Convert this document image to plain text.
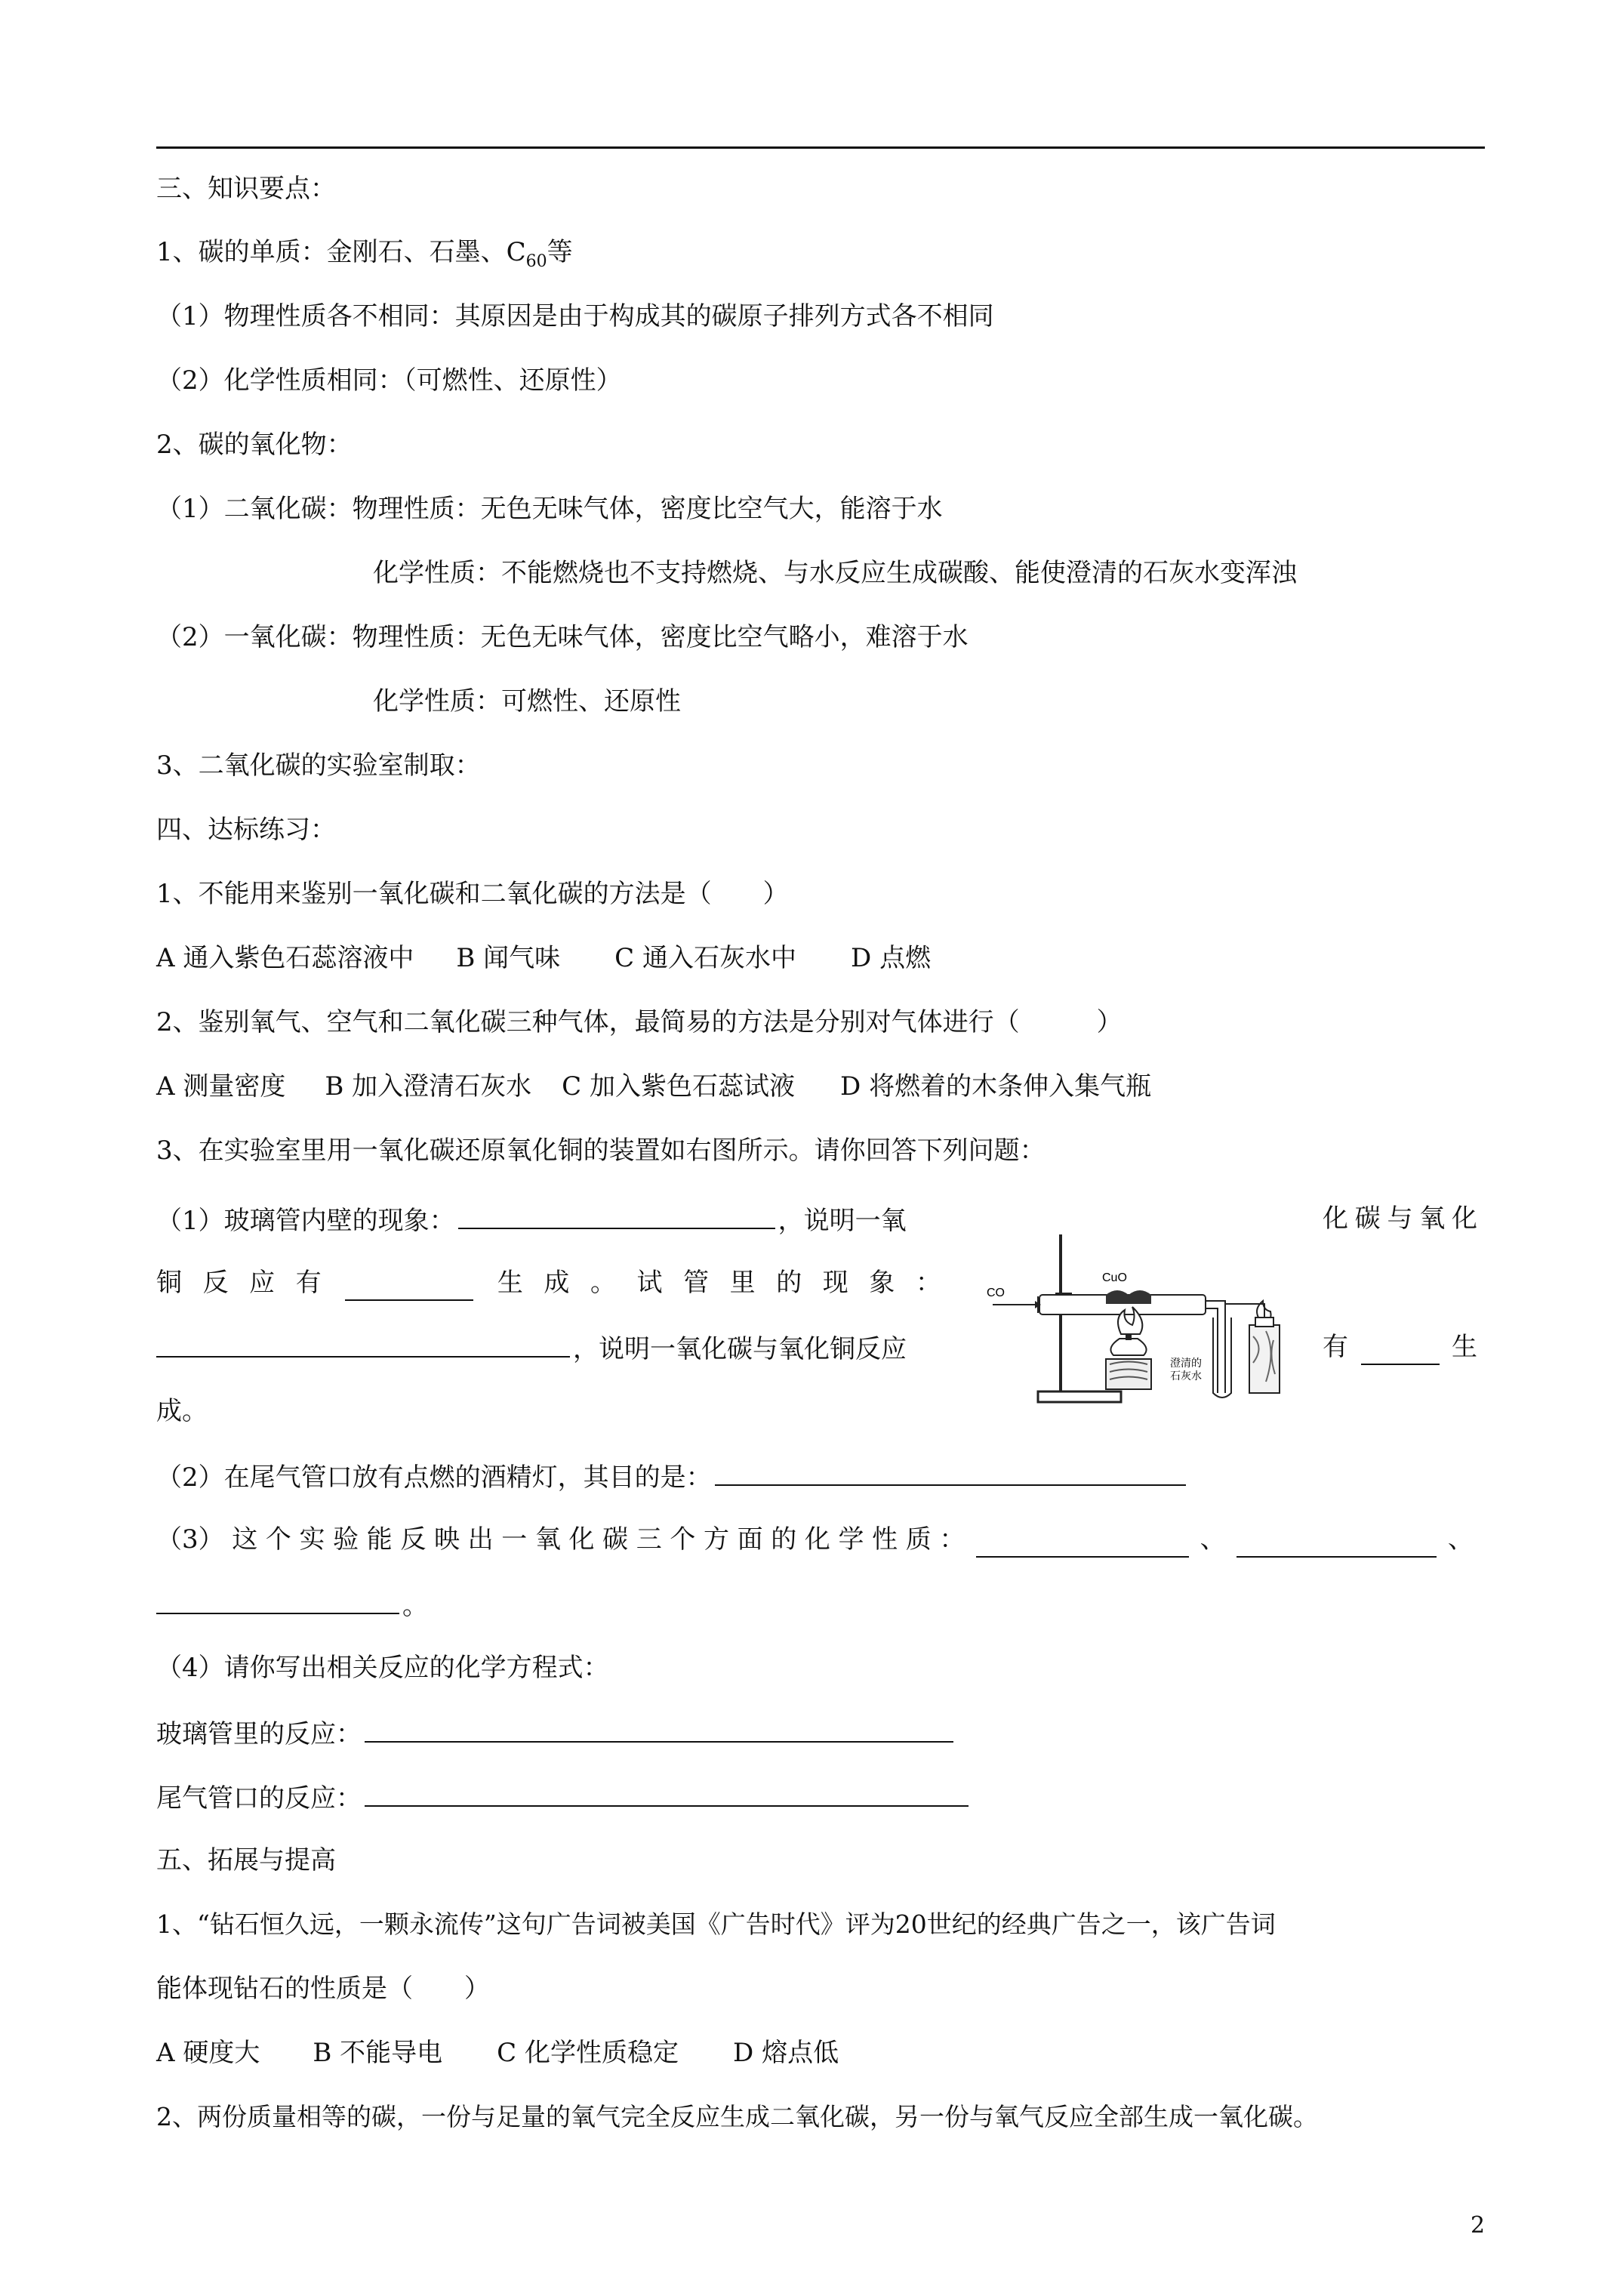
三、知识要点：
1、碳的单质：金刚石、石墨、$C_{60}$等
（1）物理性质各不相同：其原因是由于构成其的碳原子排列方式各不相同
（2）化学性质相同：（可燃性、还原性）
2、碳的氧化物：
（1）二氧化碳：物理性质：无色无味气体，密度比空气大，能溶于水
化学性质：不能燃烧也不支持燃烧、与水反应生成碳酸、能使澄清的石灰水变浑浊
（2）一氧化碳：物理性质：无色无味气体，密度比空气略小，难溶于水
化学性质：可燃性、还原性
3、二氧化碳的实验室制取：
四、达标练习：
1、不能用来鉴别一氧化碳和二氧化碳的方法是（　　）
A 通入紫色石蕊溶液中 B 闻气味 C 通入石灰水中 D 点燃
2、鉴别氧气、空气和二氧化碳三种气体，最简易的方法是分别对气体进行（　　　）
A 测量密度 B 加入澄清石灰水 C 加入紫色石蕊试液 D 将燃着的木条伸入集气瓶
3、在实验室里用一氧化碳还原氧化铜的装置如右图所示。请你回答下列问题：
（1）玻璃管内壁的现象：	，说明一氧	化 碳 与 氧 化
铜 反 应 有	生 成 。 试 管 里 的 现 象 ：
，说明一氧化碳与氧化铜反应	有	生
成。
CO
CuO
澄清的
石灰水
（2）在尾气管口放有点燃的酒精灯，其目的是：
（3） 这 个 实 验 能 反 映 出 一 氧 化 碳 三 个 方 面 的 化 学 性 质 ：	、	、
。
（4）请你写出相关反应的化学方程式：
玻璃管里的反应：
尾气管口的反应：
五、拓展与提高
1、“钻石恒久远，一颗永流传”这句广告词被美国《广告时代》评为20世纪的经典广告之一，该广告词
能体现钻石的性质是（　　）
A 硬度大 B 不能导电 C 化学性质稳定 D 熔点低
2、两份质量相等的碳，一份与足量的氧气完全反应生成二氧化碳，另一份与氧气反应全部生成一氧化碳。
2
